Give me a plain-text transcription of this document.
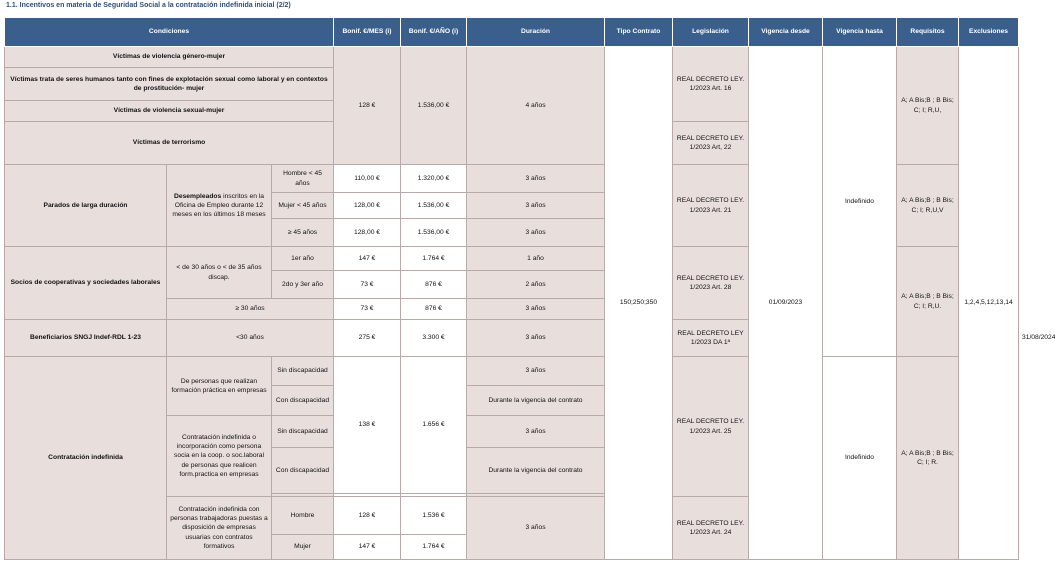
1.1. Incentivos en materia de Seguridad Social a la contratación indefinida inicial (2/2)
Condiciones			Bonif. €/MES (i)	Bonif. €/AÑO (i)	Duración	Tipo Contrato	Legislación	Vigencia desde	Vigencia hasta	Requisitos	Exclusiones	
Víctimas de violencia género-mujer			128 €	1.536,00 €	4 años	150;250;350	REAL DECRETO LEY. 1/2023 Art. 16	01/09/2023	Indefinido	A; A Bis;B ; B Bis; C; I; R,U,	1,2,4,5,12,13,14	
Víctimas trata de seres humanos tanto con fines de explotación sexual como laboral y en contextos de prostitución- mujer												
Víctimas de violencia sexual-mujer												
Víctimas de terrorismo							REAL DECRETO LEY. 1/2023 Art, 22					
Parados de larga duración	Desempleados inscritos en la Oficina de Empleo durante 12 meses en los últimos 18 meses	Hombre < 45 años	110,00 €	1.320,00 €	3 años		REAL DECRETO LEY. 1/2023 Art. 21			A; A Bis;B ; B Bis; C; I; R,U,V		
		Mujer < 45 años	128,00 €	1.536,00 €	3 años							
		≥ 45 años	128,00 €	1.536,00 €	3 años							
Socios de cooperativas y sociedades laborales	< de 30 años o < de 35 años discap.	1er año	147 €	1.764 €	1 año		REAL DECRETO LEY. 1/2023 Art. 28			A; A Bis;B ; B Bis; C; I; R,U.		
		2do y 3er año	73 €	876 €	2 años							
	≥ 30 años		73 €	876 €	3 años							
Beneficiarios SNGJ Indef-RDL 1-23	<30 años		275 €	3.300 €	3 años		REAL DECRETO LEY 1/2023 DA 1ª					31/08/2024
Contratación indefinida	De personas que realizan formación práctica en empresas	Sin discapacidad	138 €	1.656 €	3 años		REAL DECRETO LEY. 1/2023 Art. 25		Indefinido	A; A Bis;B ; B Bis; C; I; R.		
		Con discapacidad			Durante la vigencia del contrato							
	Contratación indefinida o incorporación como persona socia en la coop. o soc.laboral de personas que realicen form.practica en empresas	Sin discapacidad			3 años							
		Con discapacidad			Durante la vigencia del contrato							

	Contratación indefinida con personas trabajadoras puestas a disposición de empresas usuarias con contratos formativos	Hombre	128 €	1.536 €	3 años		REAL DECRETO LEY. 1/2023 Art. 24					
		Mujer	147 €	1.764 €								
